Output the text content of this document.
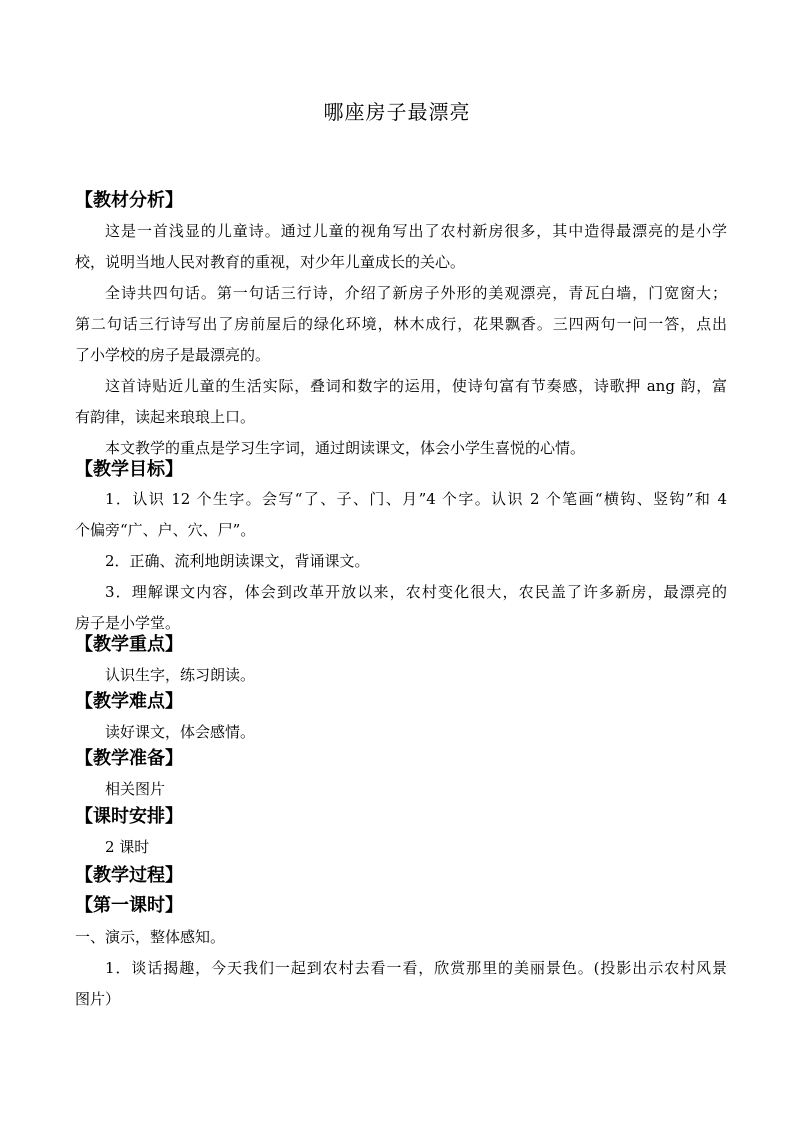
哪座房子最漂亮
【教材分析】
这是一首浅显的儿童诗。通过儿童的视角写出了农村新房很多，其中造得最漂亮的是小学
校，说明当地人民对教育的重视，对少年儿童成长的关心。
全诗共四句话。第一句话三行诗，介绍了新房子外形的美观漂亮，青瓦白墙，门宽窗大；
第二句话三行诗写出了房前屋后的绿化环境，林木成行，花果飘香。三四两句一问一答，点出
了小学校的房子是最漂亮的。
这首诗贴近儿童的生活实际，叠词和数字的运用，使诗句富有节奏感，诗歌押 ang 韵，富
有韵律，读起来琅琅上口。
本文教学的重点是学习生字词，通过朗读课文，体会小学生喜悦的心情。
【教学目标】
1．认识 12 个生字。会写“了、子、门、月”4 个字。认识 2 个笔画“横钩、竖钩”和 4
个偏旁“广、户、穴、尸”。
2．正确、流利地朗读课文，背诵课文。
3．理解课文内容，体会到改革开放以来，农村变化很大，农民盖了许多新房，最漂亮的
房子是小学堂。
【教学重点】
认识生字，练习朗读。
【教学难点】
读好课文，体会感情。
【教学准备】
相关图片
【课时安排】
2 课时
【教学过程】
【第一课时】
一、演示，整体感知。
1．谈话揭趣，今天我们一起到农村去看一看，欣赏那里的美丽景色。(投影出示农村风景
图片）
